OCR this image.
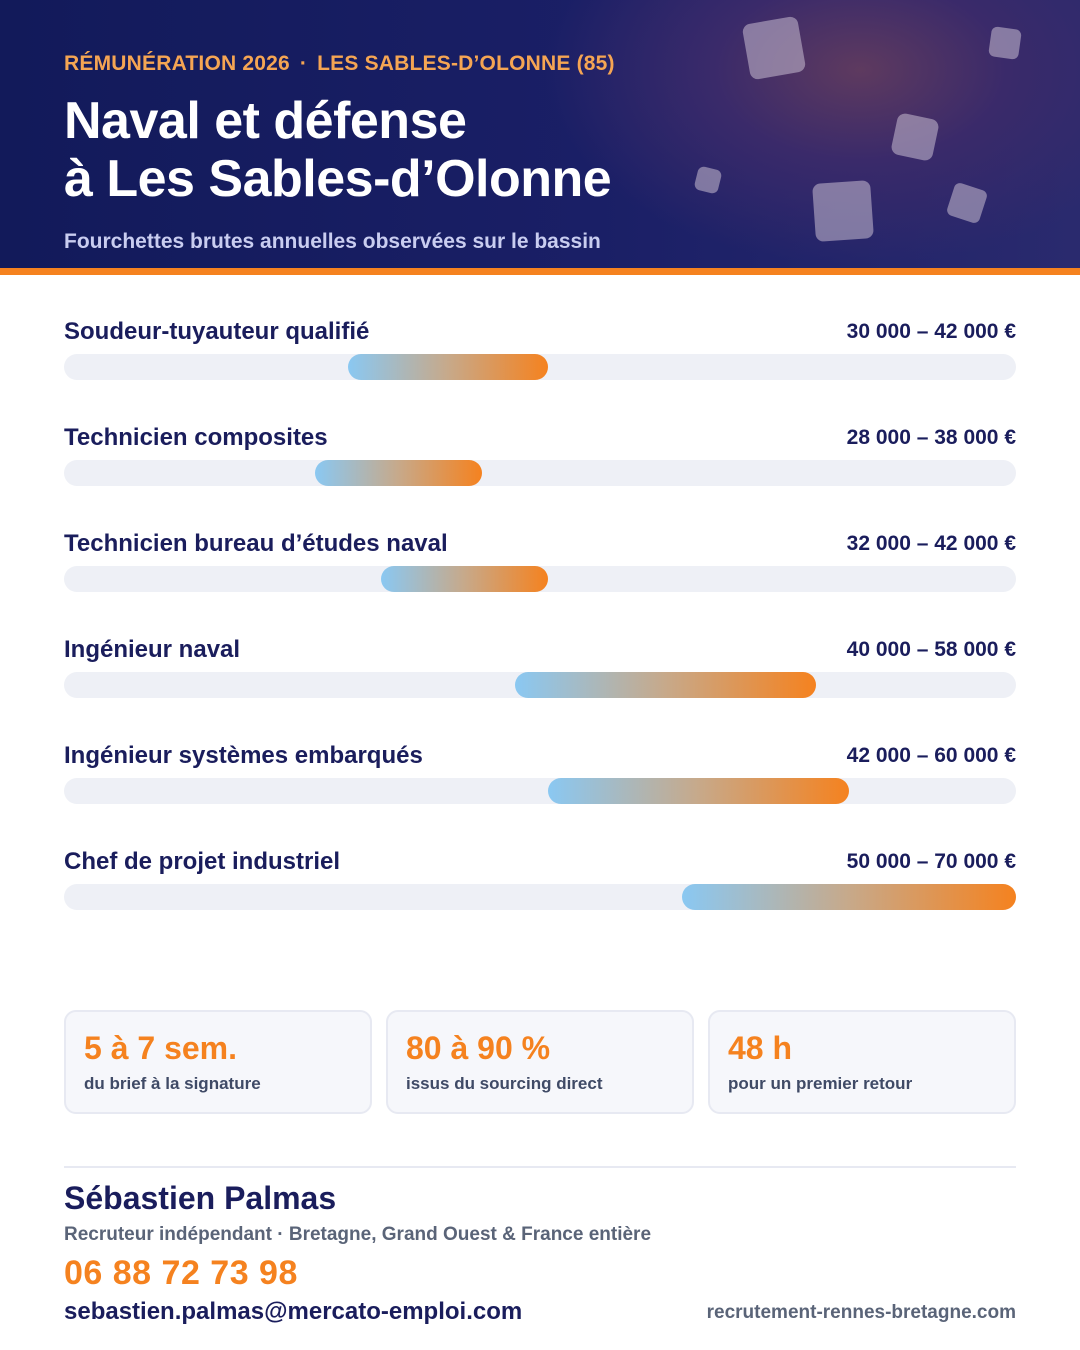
RÉMUNÉRATION 2026 · LES SABLES-D’OLONNE (85)
Naval et défense
à Les Sables-d’Olonne
Fourchettes brutes annuelles observées sur le bassin
Soudeur-tuyauteur qualifié	30 000 – 42 000 €
Technicien composites	28 000 – 38 000 €
Technicien bureau d’études naval	32 000 – 42 000 €
Ingénieur naval	40 000 – 58 000 €
Ingénieur systèmes embarqués	42 000 – 60 000 €
Chef de projet industriel	50 000 – 70 000 €
5 à 7 sem.
du brief à la signature
80 à 90 %
issus du sourcing direct
48 h
pour un premier retour
Sébastien Palmas
Recruteur indépendant · Bretagne, Grand Ouest & France entière
06 88 72 73 98
sebastien.palmas@mercato-emploi.com	recrutement-rennes-bretagne.com
